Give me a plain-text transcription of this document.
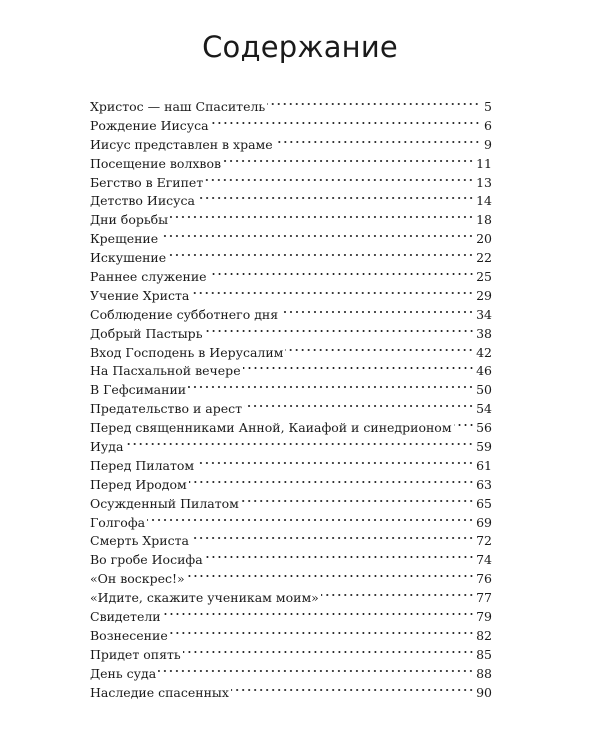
Содержание
Христос — наш Спаситель	5
Рождение Иисуса	6
Иисус представлен в храме	9
Посещение волхвов	11
Бегство в Египет	13
Детство Иисуса	14
Дни борьбы	18
Крещение	20
Искушение	22
Раннее служение	25
Учение Христа	29
Соблюдение субботнего дня	34
Добрый Пастырь	38
Вход Господень в Иерусалим	42
На Пасхальной вечере	46
В Гефсимании	50
Предательство и арест	54
Перед священниками Анной, Каиафой и синедрионом 56
Иуда	59
Перед Пилатом	61
Перед Иродом	63
Осужденный Пилатом	65
Голгофа	69
Смерть Христа	72
Во гробе Иосифа	74
«Он воскрес!»	76
«Идите, скажите ученикам моим»	77
Свидетели	79
Вознесение	82
Придет опять	85
День суда	88
Наследие спасенных	90
